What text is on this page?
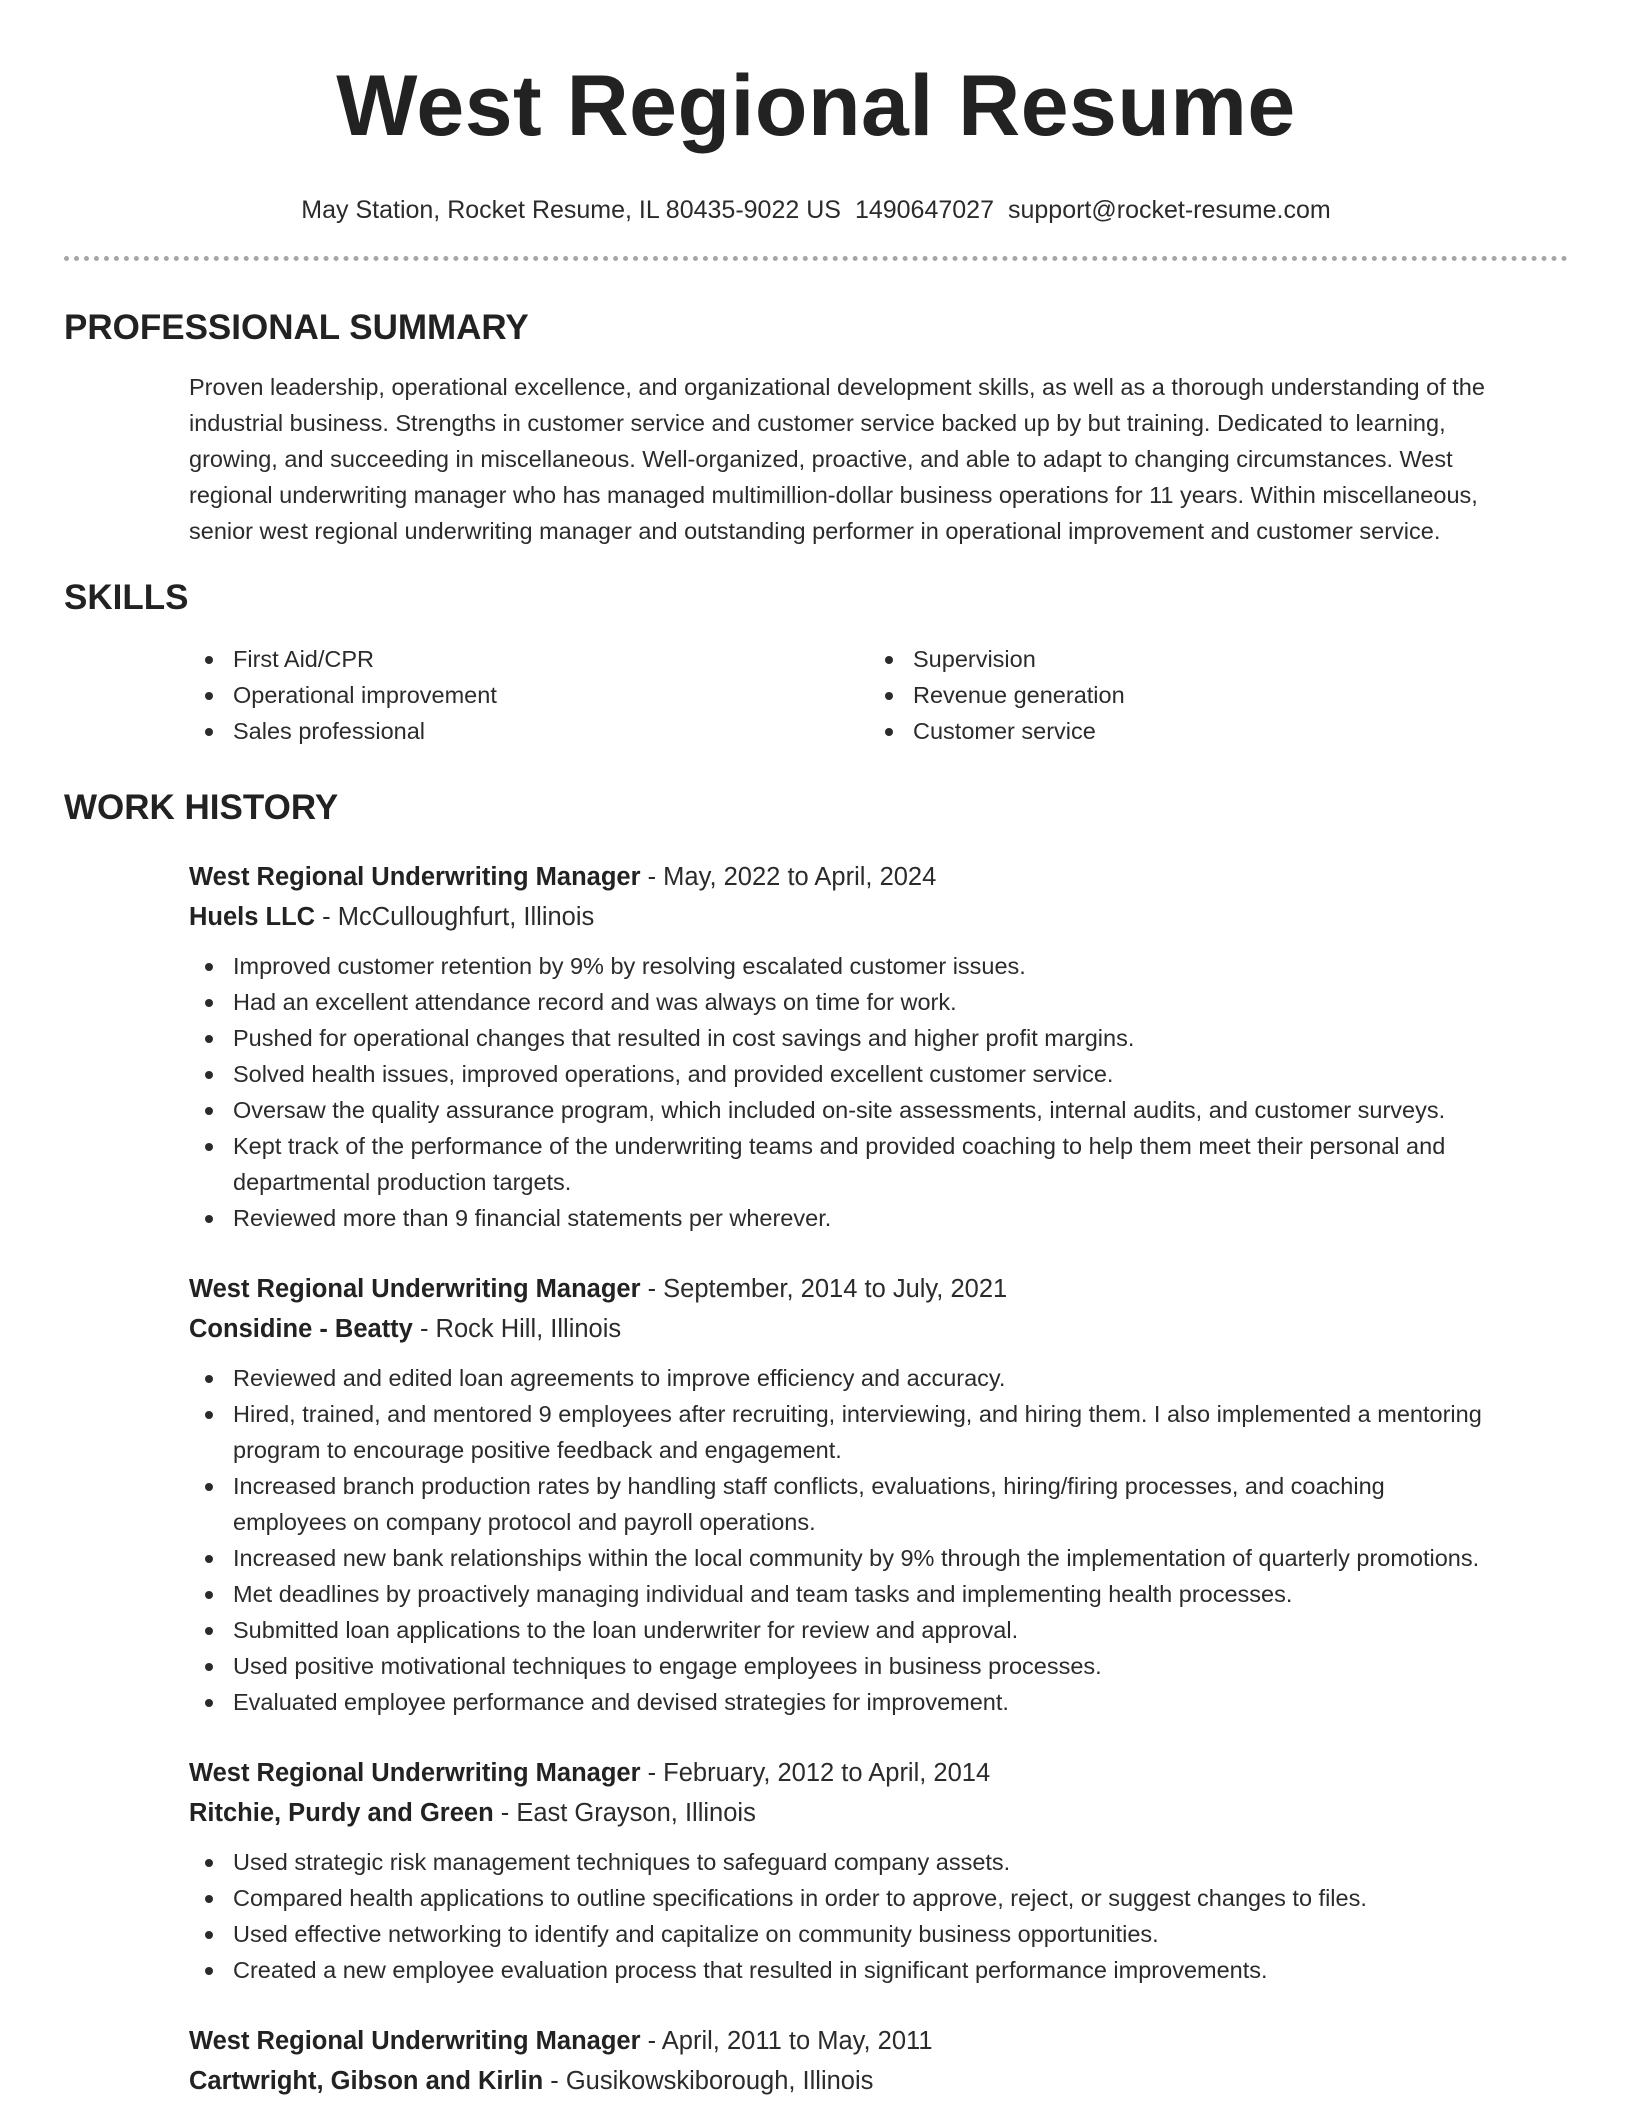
West Regional Resume
May Station, Rocket Resume, IL 80435-9022 US 1490647027 support@rocket-resume.com
PROFESSIONAL SUMMARY
Proven leadership, operational excellence, and organizational development skills, as well as a thorough understanding of the
industrial business. Strengths in customer service and customer service backed up by but training. Dedicated to learning,
growing, and succeeding in miscellaneous. Well-organized, proactive, and able to adapt to changing circumstances. West
regional underwriting manager who has managed multimillion-dollar business operations for 11 years. Within miscellaneous,
senior west regional underwriting manager and outstanding performer in operational improvement and customer service.
SKILLS
First Aid/CPR
Operational improvement
Sales professional
Supervision
Revenue generation
Customer service
WORK HISTORY
West Regional Underwriting Manager - May, 2022 to April, 2024
Huels LLC - McCulloughfurt, Illinois
Improved customer retention by 9% by resolving escalated customer issues.
Had an excellent attendance record and was always on time for work.
Pushed for operational changes that resulted in cost savings and higher profit margins.
Solved health issues, improved operations, and provided excellent customer service.
Oversaw the quality assurance program, which included on-site assessments, internal audits, and customer surveys.
Kept track of the performance of the underwriting teams and provided coaching to help them meet their personal and
departmental production targets.
Reviewed more than 9 financial statements per wherever.
West Regional Underwriting Manager - September, 2014 to July, 2021
Considine - Beatty - Rock Hill, Illinois
Reviewed and edited loan agreements to improve efficiency and accuracy.
Hired, trained, and mentored 9 employees after recruiting, interviewing, and hiring them. I also implemented a mentoring
program to encourage positive feedback and engagement.
Increased branch production rates by handling staff conflicts, evaluations, hiring/firing processes, and coaching
employees on company protocol and payroll operations.
Increased new bank relationships within the local community by 9% through the implementation of quarterly promotions.
Met deadlines by proactively managing individual and team tasks and implementing health processes.
Submitted loan applications to the loan underwriter for review and approval.
Used positive motivational techniques to engage employees in business processes.
Evaluated employee performance and devised strategies for improvement.
West Regional Underwriting Manager - February, 2012 to April, 2014
Ritchie, Purdy and Green - East Grayson, Illinois
Used strategic risk management techniques to safeguard company assets.
Compared health applications to outline specifications in order to approve, reject, or suggest changes to files.
Used effective networking to identify and capitalize on community business opportunities.
Created a new employee evaluation process that resulted in significant performance improvements.
West Regional Underwriting Manager - April, 2011 to May, 2011
Cartwright, Gibson and Kirlin - Gusikowskiborough, Illinois
